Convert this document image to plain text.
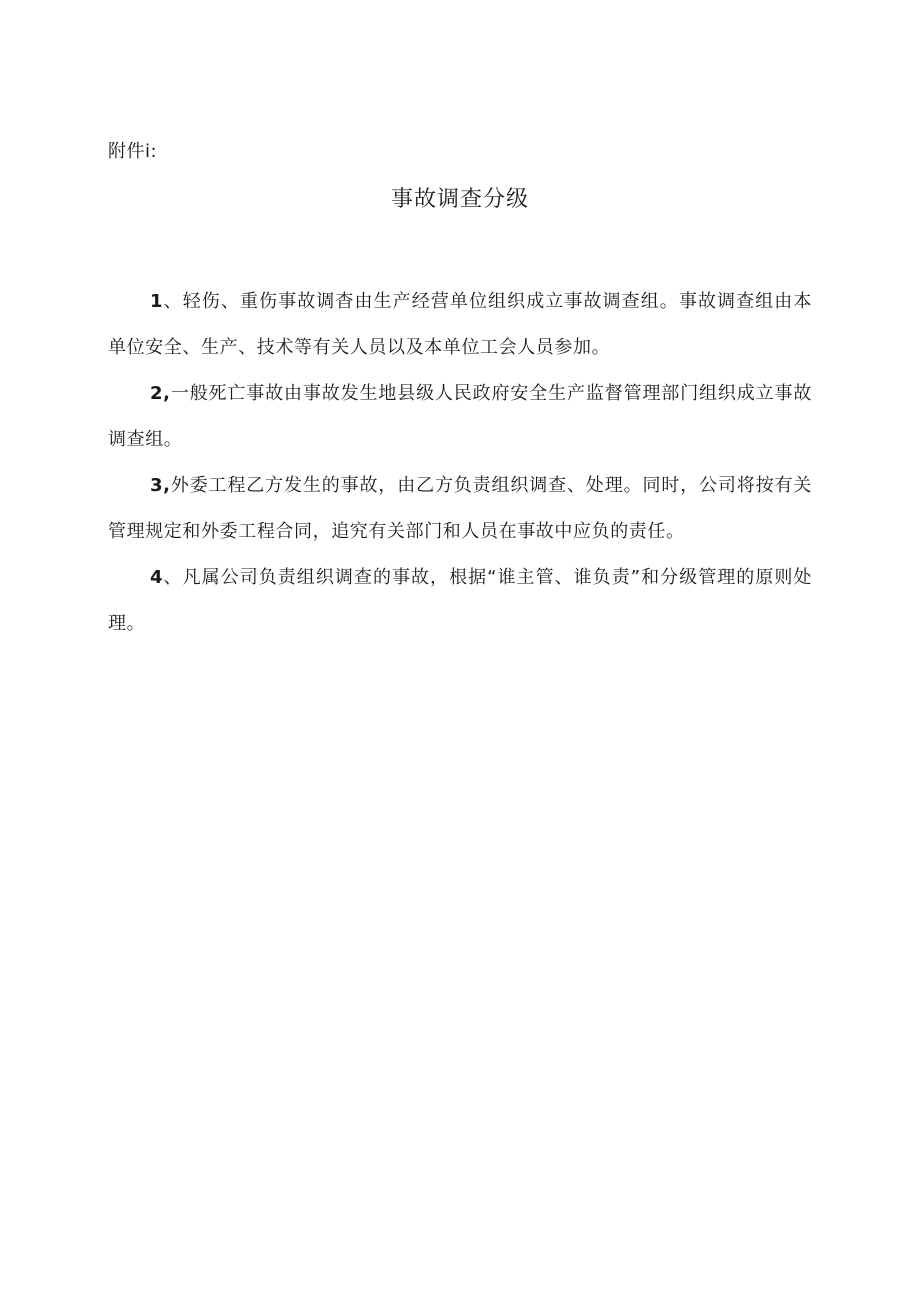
附件i:
事故调查分级

1、轻伤、重伤事故调杳由生产经营单位组织成立事故调查组。事故调查组由本单位安全、生产、技术等有关人员以及本单位工会人员参加。

2,一般死亡事故由事故发生地县级人民政府安全生产监督管理部门组织成立事故调查组。

3,外委工程乙方发生的事故，由乙方负责组织调查、处理。同时，公司将按有关管理规定和外委工程合同，追究有关部门和人员在事故中应负的责任。

4、凡属公司负责组织调查的事故，根据“谁主管、谁负责”和分级管理的原则处理。
